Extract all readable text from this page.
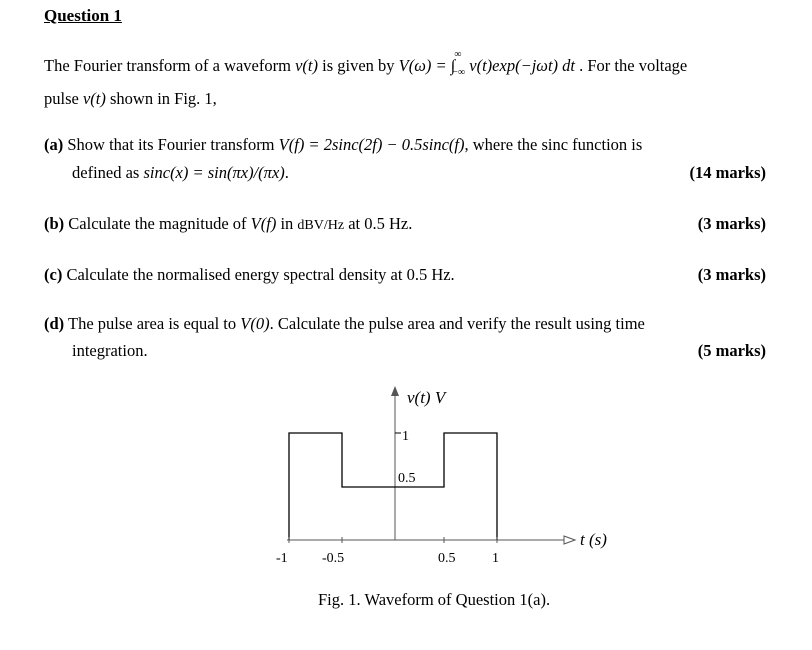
Question 1
The Fourier transform of a waveform v(t) is given by V(ω) = ∫
∞
−∞ v(t)exp(−jωt) dt . For the voltage
pulse v(t) shown in Fig. 1,
(a) Show that its Fourier transform V(f) = 2sinc(2f) − 0.5sinc(f), where the sinc function is
defined as sinc(x) = sin(πx)/(πx).	(14 marks)
(b) Calculate the magnitude of V(f) in dBV/Hz at 0.5 Hz.	(3 marks)
(c) Calculate the normalised energy spectral density at 0.5 Hz.	(3 marks)
(d) The pulse area is equal to V(0). Calculate the pulse area and verify the result using time
integration.	(5 marks)
v(t) V
1
0.5
t (s)
-1 -0.5	0.5	1
Fig. 1. Waveform of Question 1(a).
